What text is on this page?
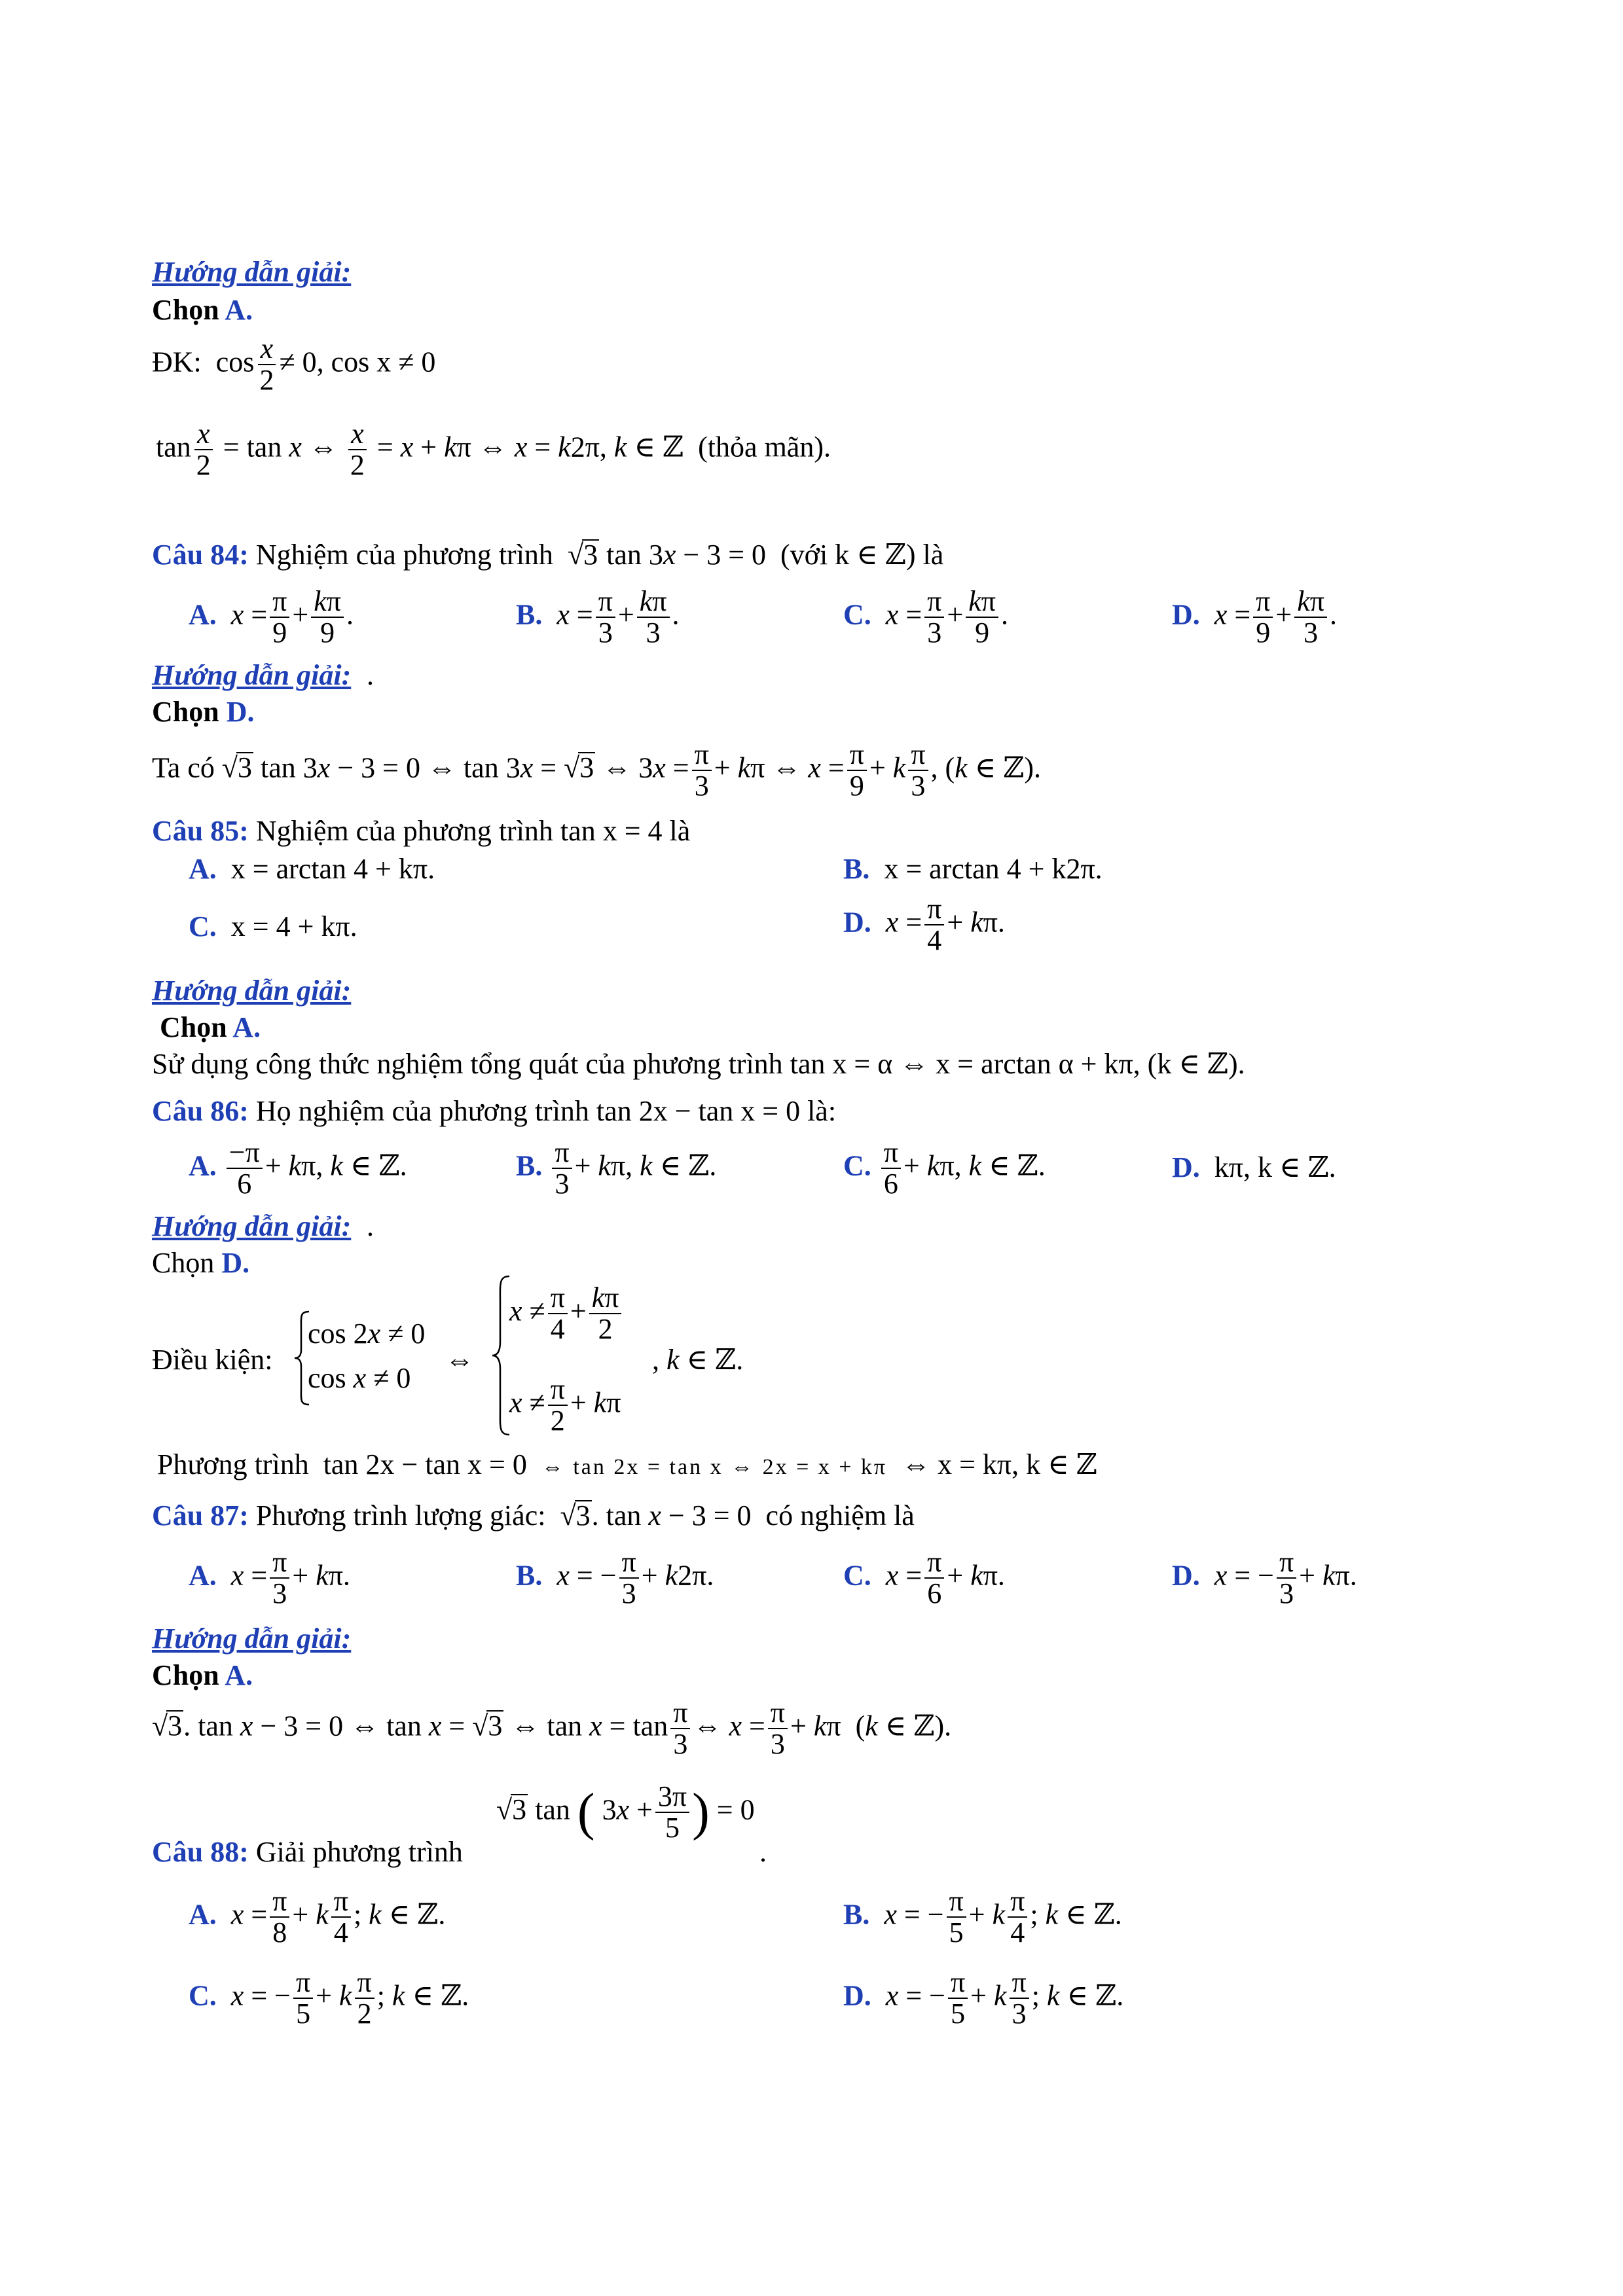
Hướng dẫn giải:
Chọn A.
ĐK:  $\cos \frac{x}{2} \ne 0$, cos x ≠ 0
$\tan \frac{x}{2} = \tan x$ ⇔ $\frac{x}{2} = x + k\pi$ ⇔ x = k2π, k ∈ ℤ  (thỏa mãn).
Câu 84: Nghiệm của phương trình  √3 tan 3x − 3 = 0  (với k ∈ ℤ) là
A. $x = \frac{\pi}{9} + \frac{k\pi}{9}$ .	B. $x = \frac{\pi}{3} + \frac{k\pi}{3}$ .	C. $x = \frac{\pi}{3} + \frac{k\pi}{9}$ .	D. $x = \frac{\pi}{9} + \frac{k\pi}{3}$ .
Hướng dẫn giải: .
Chọn D.
Ta có √3 tan 3x − 3 = 0 ⇔ tan 3x = √3 ⇔ $3x = \frac{\pi}{3} + k\pi$ ⇔ $x = \frac{\pi}{9} + k \frac{\pi}{3}$ , (k ∈ ℤ).
Câu 85: Nghiệm của phương trình tan x = 4 là
A. x = arctan 4 + kπ.	B. x = arctan 4 + k2π.
C. x = 4 + kπ.	D. $x = \frac{\pi}{4} + k\pi$.
Hướng dẫn giải:
Chọn A.
Sử dụng công thức nghiệm tổng quát của phương trình tan x = α ⇔ x = arctan α + kπ, (k ∈ ℤ).
Câu 86: Họ nghiệm của phương trình tan 2x − tan x = 0 là:
A. $\frac{-\pi}{6} + k\pi$, k ∈ ℤ.	B. $\frac{\pi}{3} + k\pi$, k ∈ ℤ.	C. $\frac{\pi}{6} + k\pi$, k ∈ ℤ.	D. kπ, k ∈ ℤ.
Hướng dẫn giải: .
Chọn D.
Điều kiện:
cos 2x ≠ 0
cos x ≠ 0
⇔
$x \ne \frac{\pi}{4} + \frac{k\pi}{2}$
$x \ne \frac{\pi}{2} + k\pi$
, k ∈ ℤ.
Phương trình tan 2x − tan x = 0 ⇔ tan 2x = tan x ⇔ 2x = x + kπ ⇔ x = kπ, k ∈ ℤ
Câu 87: Phương trình lượng giác:  √3. tan x − 3 = 0  có nghiệm là
A. $x = \frac{\pi}{3} + k\pi$.	B. x = − $\frac{\pi}{3} + k2\pi$.	C. $x = \frac{\pi}{6} + k\pi$.	D. x = − $\frac{\pi}{3} + k\pi$.
Hướng dẫn giải:
Chọn A.
√3. tan x − 3 = 0 ⇔ tan x = √3 ⇔ $\tan x = \tan \frac{\pi}{3}$ ⇔ $x = \frac{\pi}{3} + k\pi$  (k ∈ ℤ).
√3 tan ( $3x + \frac{3\pi}{5}$ ) = 0
Câu 88: Giải phương trình	.
A. $x = \frac{\pi}{8} + k \frac{\pi}{4}$ ; k ∈ ℤ.	B. x = − $\frac{\pi}{5} + k \frac{\pi}{4}$ ; k ∈ ℤ.
C. x = − $\frac{\pi}{5} + k \frac{\pi}{2}$ ; k ∈ ℤ.	D. x = − $\frac{\pi}{5} + k \frac{\pi}{3}$ ; k ∈ ℤ.
